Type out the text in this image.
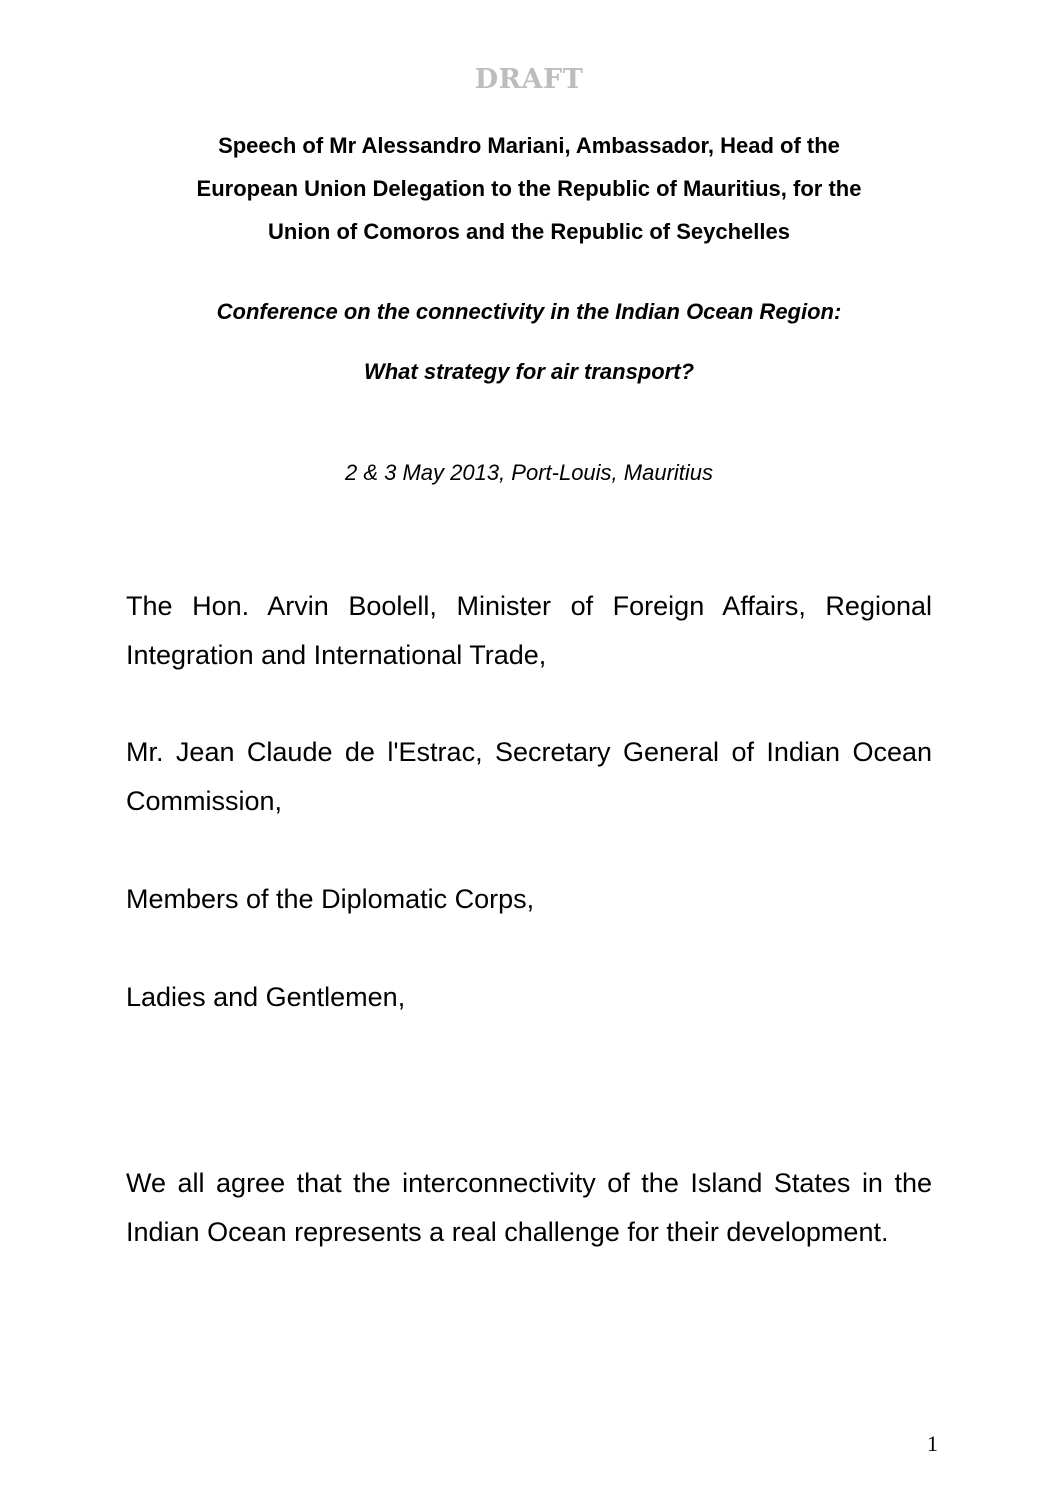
DRAFT
Speech of Mr Alessandro Mariani, Ambassador, Head of the
European Union Delegation to the Republic of Mauritius, for the
Union of Comoros and the Republic of Seychelles
Conference on the connectivity in the Indian Ocean Region:
What strategy for air transport?
2 & 3 May 2013, Port-Louis, Mauritius
The Hon. Arvin Boolell, Minister of Foreign Affairs, Regional
Integration and International Trade,
Mr. Jean Claude de l'Estrac, Secretary General of Indian Ocean
Commission,
Members of the Diplomatic Corps,
Ladies and Gentlemen,
We all agree that the interconnectivity of the Island States in the
Indian Ocean represents a real challenge for their development.
1
